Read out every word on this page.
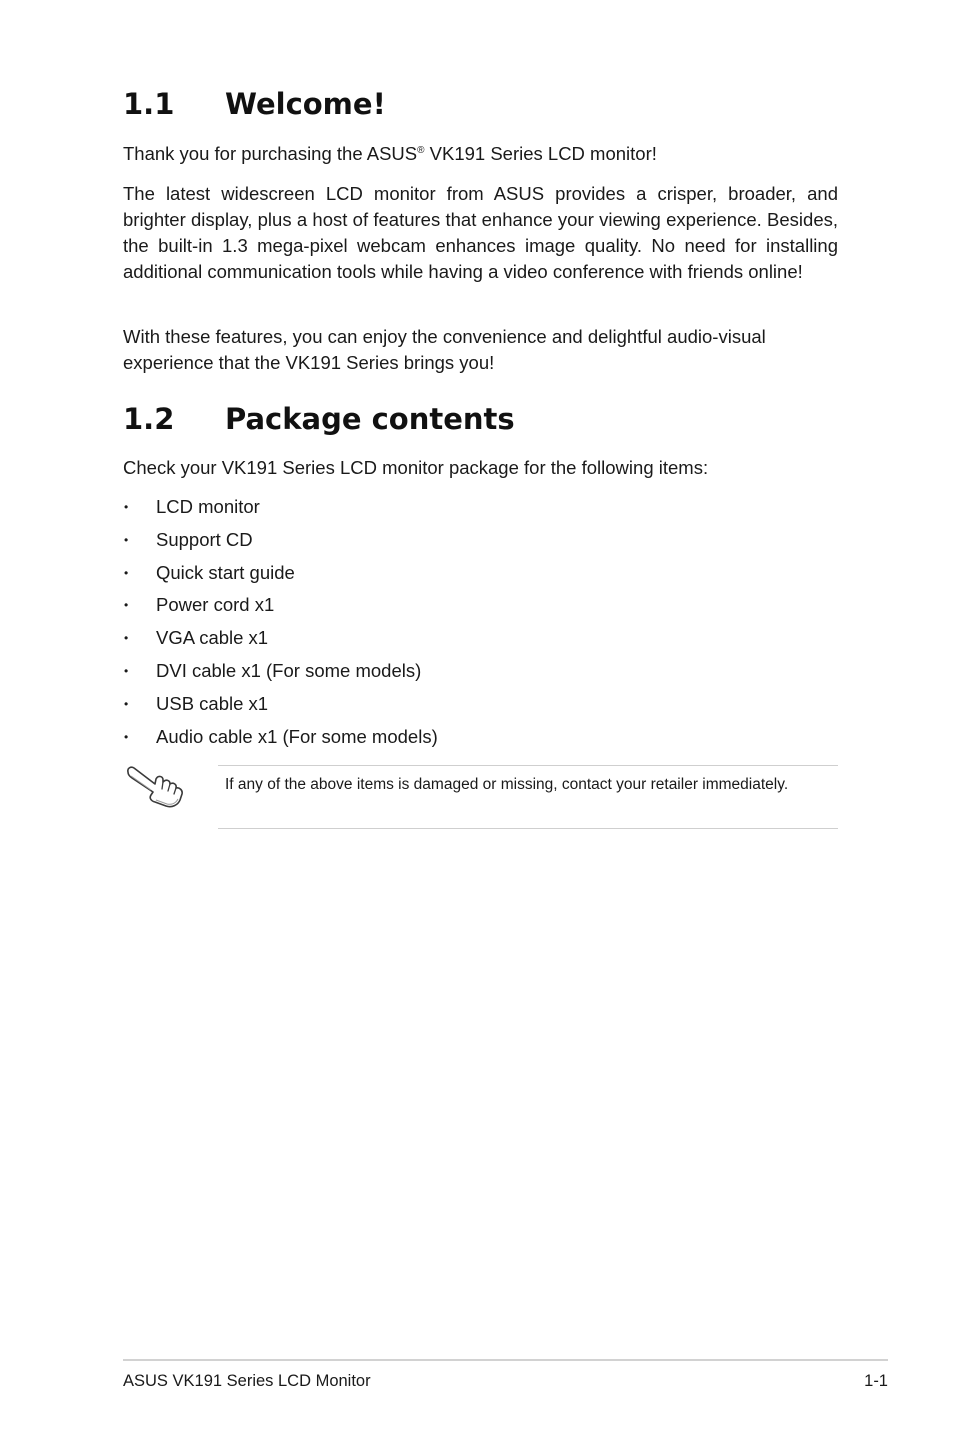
1.1	Welcome!

Thank you for purchasing the ASUS® VK191 Series LCD monitor!

The latest widescreen LCD monitor from ASUS provides a crisper, broader, and brighter display, plus a host of features that enhance your viewing experience. Besides, the built-in 1.3 mega-pixel webcam enhances image quality. No need for installing additional communication tools while having a video conference with friends online!

With these features, you can enjoy the convenience and delightful audio-visual experience that the VK191 Series brings you!

1.2	Package contents

Check your VK191 Series LCD monitor package for the following items:

• LCD monitor
• Support CD
• Quick start guide
• Power cord x1
• VGA cable x1
• DVI cable x1 (For some models)
• USB cable x1
• Audio cable x1 (For some models)
If any of the above items is damaged or missing, contact your retailer immediately.
ASUS VK191 Series LCD Monitor	1-1
